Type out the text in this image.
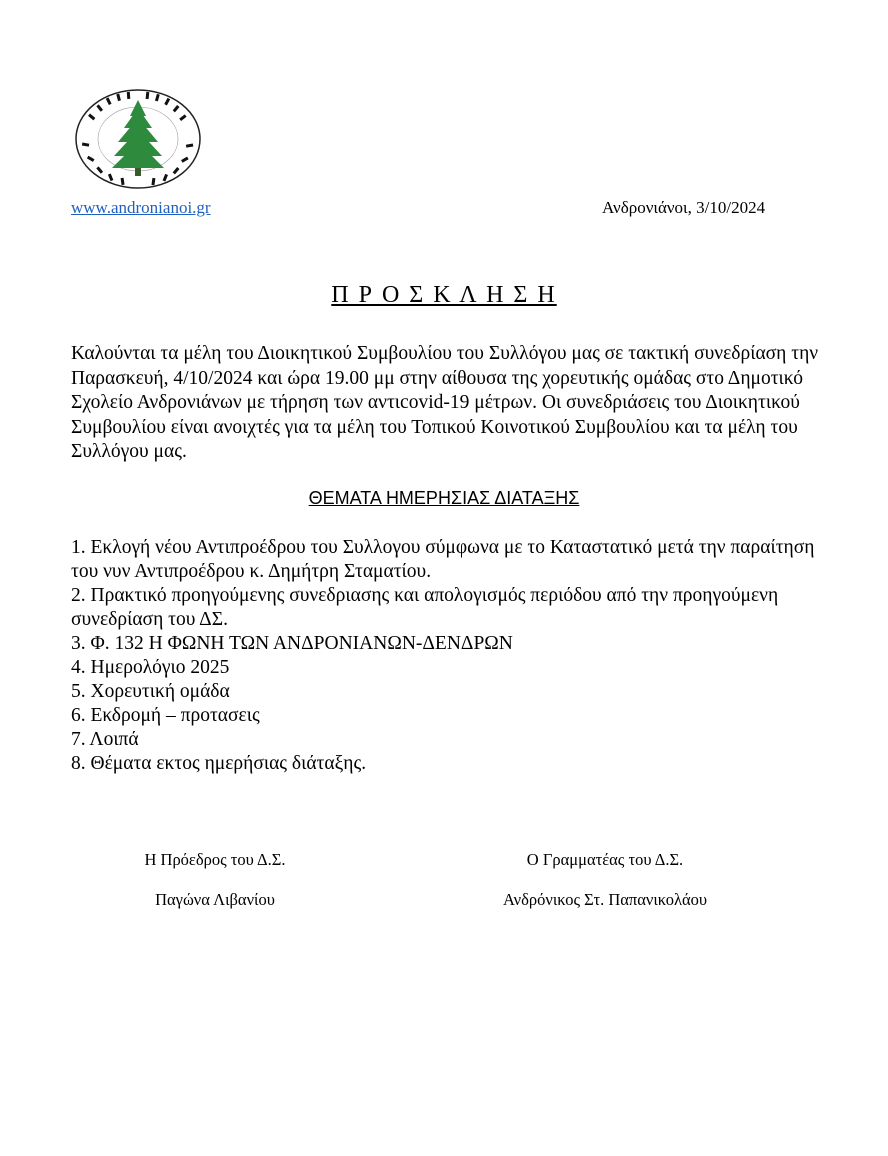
www.andronianoi.gr	Ανδρονιάνοι, 3/10/2024
Π Ρ Ο Σ Κ Λ Η Σ Η
Καλούνται τα μέλη του Διοικητικού Συμβουλίου του Συλλόγου μας σε τακτική συνεδρίαση την Παρασκευή, 4/10/2024 και ώρα 19.00 μμ στην αίθουσα της χορευτικής ομάδας στο Δημοτικό Σχολείο Ανδρονιάνων με τήρηση των αντιcovid-19 μέτρων. Οι συνεδριάσεις του Διοικητικού Συμβουλίου είναι ανοιχτές για τα μέλη του Τοπικού Κοινοτικού Συμβουλίου και τα μέλη του Συλλόγου μας.
ΘΕΜΑΤΑ ΗΜΕΡΗΣΙΑΣ ΔΙΑΤΑΞΗΣ
1. Εκλογή νέου Αντιπροέδρου του Συλλογου σύμφωνα με το Καταστατικό μετά την παραίτηση του νυν Αντιπροέδρου κ. Δημήτρη Σταματίου.
2. Πρακτικό προηγούμενης συνεδριασης και απολογισμός περιόδου από την προηγούμενη συνεδρίαση του ΔΣ.
3. Φ. 132 Η ΦΩΝΗ ΤΩΝ ΑΝΔΡΟΝΙΑΝΩΝ-ΔΕΝΔΡΩΝ
4. Ημερολόγιο 2025
5. Χορευτική ομάδα
6. Εκδρομή – προτασεις
7. Λοιπά
8. Θέματα εκτος ημερήσιας διάταξης.
Η Πρόεδρος του Δ.Σ.
Παγώνα Λιβανίου
Ο Γραμματέας του Δ.Σ.
Ανδρόνικος Στ. Παπανικολάου
